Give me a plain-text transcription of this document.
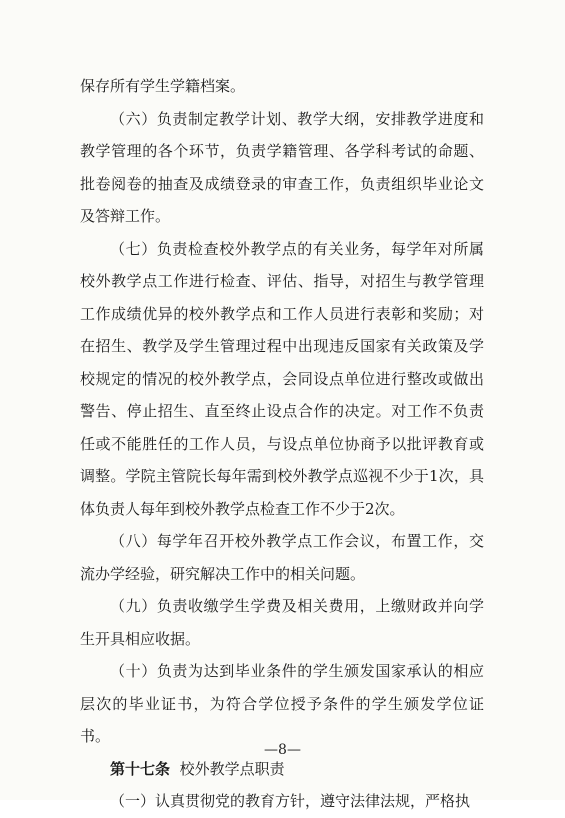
保存所有学生学籍档案。

（六）负责制定教学计划、教学大纲，安排教学进度和教学管理的各个环节，负责学籍管理、各学科考试的命题、批卷阅卷的抽查及成绩登录的审查工作，负责组织毕业论文及答辩工作。

（七）负责检查校外教学点的有关业务，每学年对所属校外教学点工作进行检查、评估、指导，对招生与教学管理工作成绩优异的校外教学点和工作人员进行表彰和奖励；对在招生、教学及学生管理过程中出现违反国家有关政策及学校规定的情况的校外教学点，会同设点单位进行整改或做出警告、停止招生、直至终止设点合作的决定。对工作不负责任或不能胜任的工作人员，与设点单位协商予以批评教育或调整。学院主管院长每年需到校外教学点巡视不少于1次，具体负责人每年到校外教学点检查工作不少于2次。

（八）每学年召开校外教学点工作会议，布置工作，交流办学经验，研究解决工作中的相关问题。

（九）负责收缴学生学费及相关费用，上缴财政并向学生开具相应收据。

（十）负责为达到毕业条件的学生颁发国家承认的相应层次的毕业证书，为符合学位授予条件的学生颁发学位证书。

第十七条 校外教学点职责

（一）认真贯彻党的教育方针，遵守法律法规，严格执

—8—
